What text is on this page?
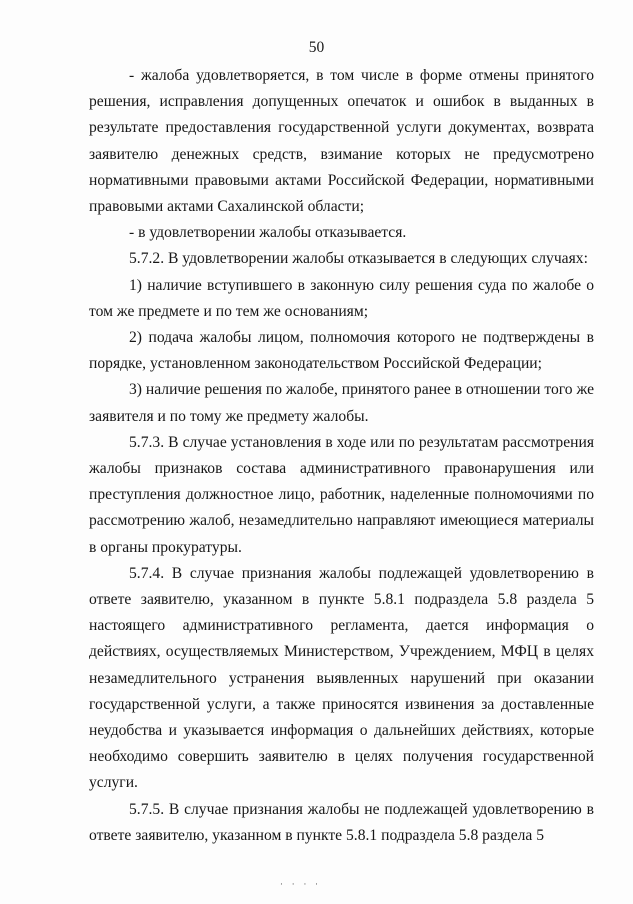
50

- жалоба удовлетворяется, в том числе в форме отмены принятого решения, исправления допущенных опечаток и ошибок в выданных в результате предоставления государственной услуги документах, возврата заявителю денежных средств, взимание которых не предусмотрено нормативными правовыми актами Российской Федерации, нормативными правовыми актами Сахалинской области;

- в удовлетворении жалобы отказывается.

5.7.2. В удовлетворении жалобы отказывается в следующих случаях:

1) наличие вступившего в законную силу решения суда по жалобе о том же предмете и по тем же основаниям;

2) подача жалобы лицом, полномочия которого не подтверждены в порядке, установленном законодательством Российской Федерации;

3) наличие решения по жалобе, принятого ранее в отношении того же заявителя и по тому же предмету жалобы.

5.7.3. В случае установления в ходе или по результатам рассмотрения жалобы признаков состава административного правонарушения или преступления должностное лицо, работник, наделенные полномочиями по рассмотрению жалоб, незамедлительно направляют имеющиеся материалы в органы прокуратуры.

5.7.4. В случае признания жалобы подлежащей удовлетворению в ответе заявителю, указанном в пункте 5.8.1 подраздела 5.8 раздела 5 настоящего административного регламента, дается информация о действиях, осуществляемых Министерством, Учреждением, МФЦ в целях незамедлительного устранения выявленных нарушений при оказании государственной услуги, а также приносятся извинения за доставленные неудобства и указывается информация о дальнейших действиях, которые необходимо совершить заявителю в целях получения государственной услуги.

5.7.5. В случае признания жалобы не подлежащей удовлетворению в ответе заявителю, указанном в пункте 5.8.1 подраздела 5.8 раздела 5

· · · ·
